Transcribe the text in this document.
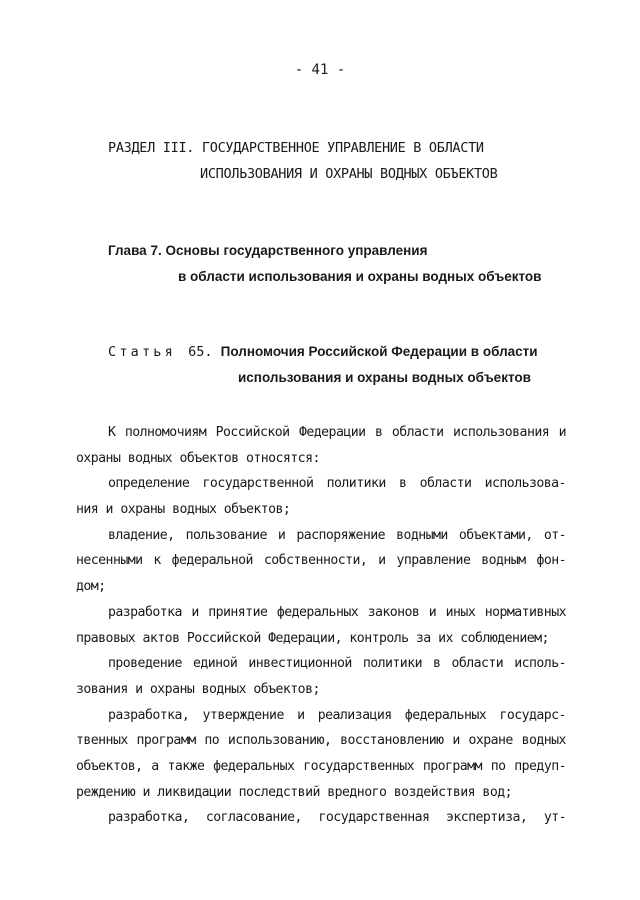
- 41 -
РАЗДЕЛ III. ГОСУДАРСТВЕННОЕ УПРАВЛЕНИЕ В ОБЛАСТИ
ИСПОЛЬЗОВАНИЯ И ОХРАНЫ ВОДНЫХ ОБЪЕКТОВ
Глава 7. Основы государственного управления
в области использования и охраны водных объектов
Статья 65. Полномочия Российской Федерации в области
использования и охраны водных объектов
К полномочиям Российской Федерации в области использования и
охраны водных объектов относятся:
определение государственной политики в области использова-
ния и охраны водных объектов;
владение, пользование и распоряжение водными объектами, от-
несенными к федеральной собственности, и управление водным фон-
дом;
разработка и принятие федеральных законов и иных нормативных
правовых актов Российской Федерации, контроль за их соблюдением;
проведение единой инвестиционной политики в области исполь-
зования и охраны водных объектов;
разработка, утверждение и реализация федеральных государс-
твенных программ по использованию, восстановлению и охране водных
объектов, а также федеральных государственных программ по предуп-
реждению и ликвидации последствий вредного воздействия вод;
разработка, согласование, государственная экспертиза, ут-
